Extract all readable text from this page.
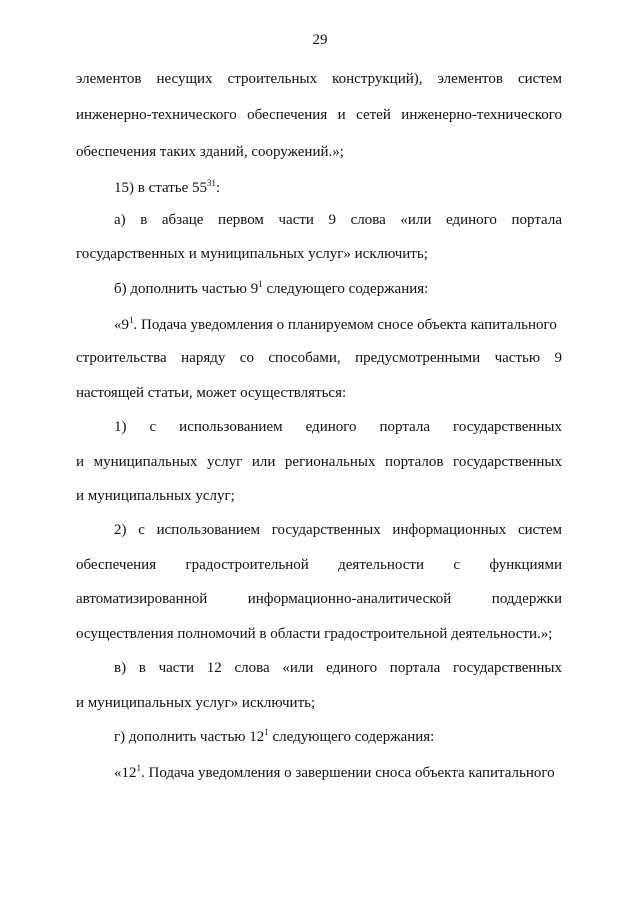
29
элементов несущих строительных конструкций), элементов систем
инженерно-технического обеспечения и сетей инженерно-технического
обеспечения таких зданий, сооружений.»;
15) в статье $55^{31}$:
а) в абзаце первом части 9 слова «или единого портала
государственных и муниципальных услуг» исключить;
б) дополнить частью $9^1$ следующего содержания:
«$9^1$. Подача уведомления о планируемом сносе объекта капитального
строительства наряду со способами, предусмотренными частью 9
настоящей статьи, может осуществляться:
1) с использованием единого портала государственных
и муниципальных услуг или региональных порталов государственных
и муниципальных услуг;
2) с использованием государственных информационных систем
обеспечения градостроительной деятельности с функциями
автоматизированной информационно-аналитической поддержки
осуществления полномочий в области градостроительной деятельности.»;
в) в части 12 слова «или единого портала государственных
и муниципальных услуг» исключить;
г) дополнить частью $12^1$ следующего содержания:
«$12^1$. Подача уведомления о завершении сноса объекта капитального
